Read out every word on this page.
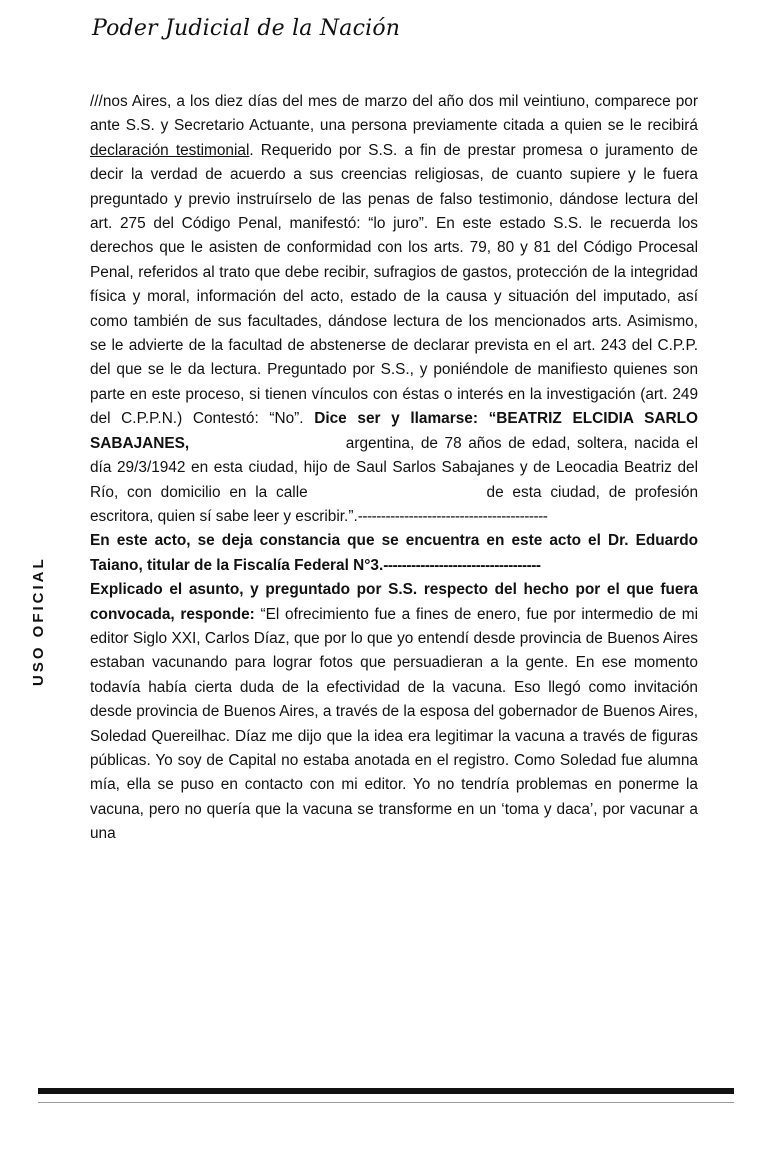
Poder Judicial de la Nación
USO OFICIAL

///nos Aires, a los diez días del mes de marzo del año dos mil veintiuno, comparece por ante S.S. y Secretario Actuante, una persona previamente citada a quien se le recibirá declaración testimonial. Requerido por S.S. a fin de prestar promesa o juramento de decir la verdad de acuerdo a sus creencias religiosas, de cuanto supiere y le fuera preguntado y previo instruírselo de las penas de falso testimonio, dándose lectura del art. 275 del Código Penal, manifestó: “lo juro”. En este estado S.S. le recuerda los derechos que le asisten de conformidad con los arts. 79, 80 y 81 del Código Procesal Penal, referidos al trato que debe recibir, sufragios de gastos, protección de la integridad física y moral, información del acto, estado de la causa y situación del imputado, así como también de sus facultades, dándose lectura de los mencionados arts. Asimismo, se le advierte de la facultad de abstenerse de declarar prevista en el art. 243 del C.P.P. del que se le da lectura. Preguntado por S.S., y poniéndole de manifiesto quienes son parte en este proceso, si tienen vínculos con éstas o interés en la investigación (art. 249 del C.P.P.N.) Contestó: “No”. Dice ser y llamarse: “BEATRIZ ELCIDIA SARLO SABAJANES,	argentina, de 78 años de edad, soltera, nacida el día 29/3/1942 en esta ciudad, hijo de Saul Sarlos Sabajanes y de Leocadia Beatriz del Río, con domicilio en la calle	de esta ciudad, de profesión escritora, quien sí sabe leer y escribir.”.-----------------------------------------

En este acto, se deja constancia que se encuentra en este acto el Dr. Eduardo Taiano, titular de la Fiscalía Federal N°3.----------------------------------

Explicado el asunto, y preguntado por S.S. respecto del hecho por el que fuera convocada, responde: “El ofrecimiento fue a fines de enero, fue por intermedio de mi editor Siglo XXI, Carlos Díaz, que por lo que yo entendí desde provincia de Buenos Aires estaban vacunando para lograr fotos que persuadieran a la gente. En ese momento todavía había cierta duda de la efectividad de la vacuna. Eso llegó como invitación desde provincia de Buenos Aires, a través de la esposa del gobernador de Buenos Aires, Soledad Quereilhac. Díaz me dijo que la idea era legitimar la vacuna a través de figuras públicas. Yo soy de Capital no estaba anotada en el registro. Como Soledad fue alumna mía, ella se puso en contacto con mi editor. Yo no tendría problemas en ponerme la vacuna, pero no quería que la vacuna se transforme en un ‘toma y daca’, por vacunar a una
